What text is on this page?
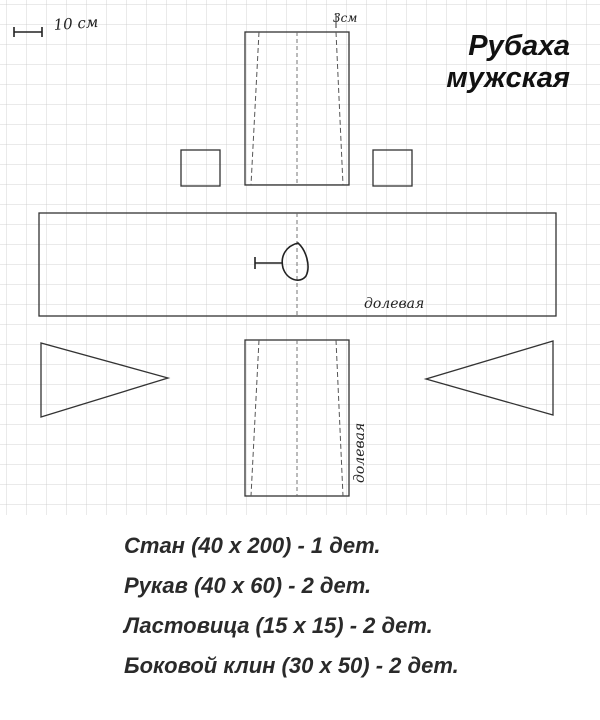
10 см	3см
долевая
долевая
Рубаха
мужская
Стан (40 х 200) - 1 дет.
Рукав (40 х 60) - 2 дет.
Ластовица (15 х 15) - 2 дет.
Боковой клин (30 х 50) - 2 дет.
